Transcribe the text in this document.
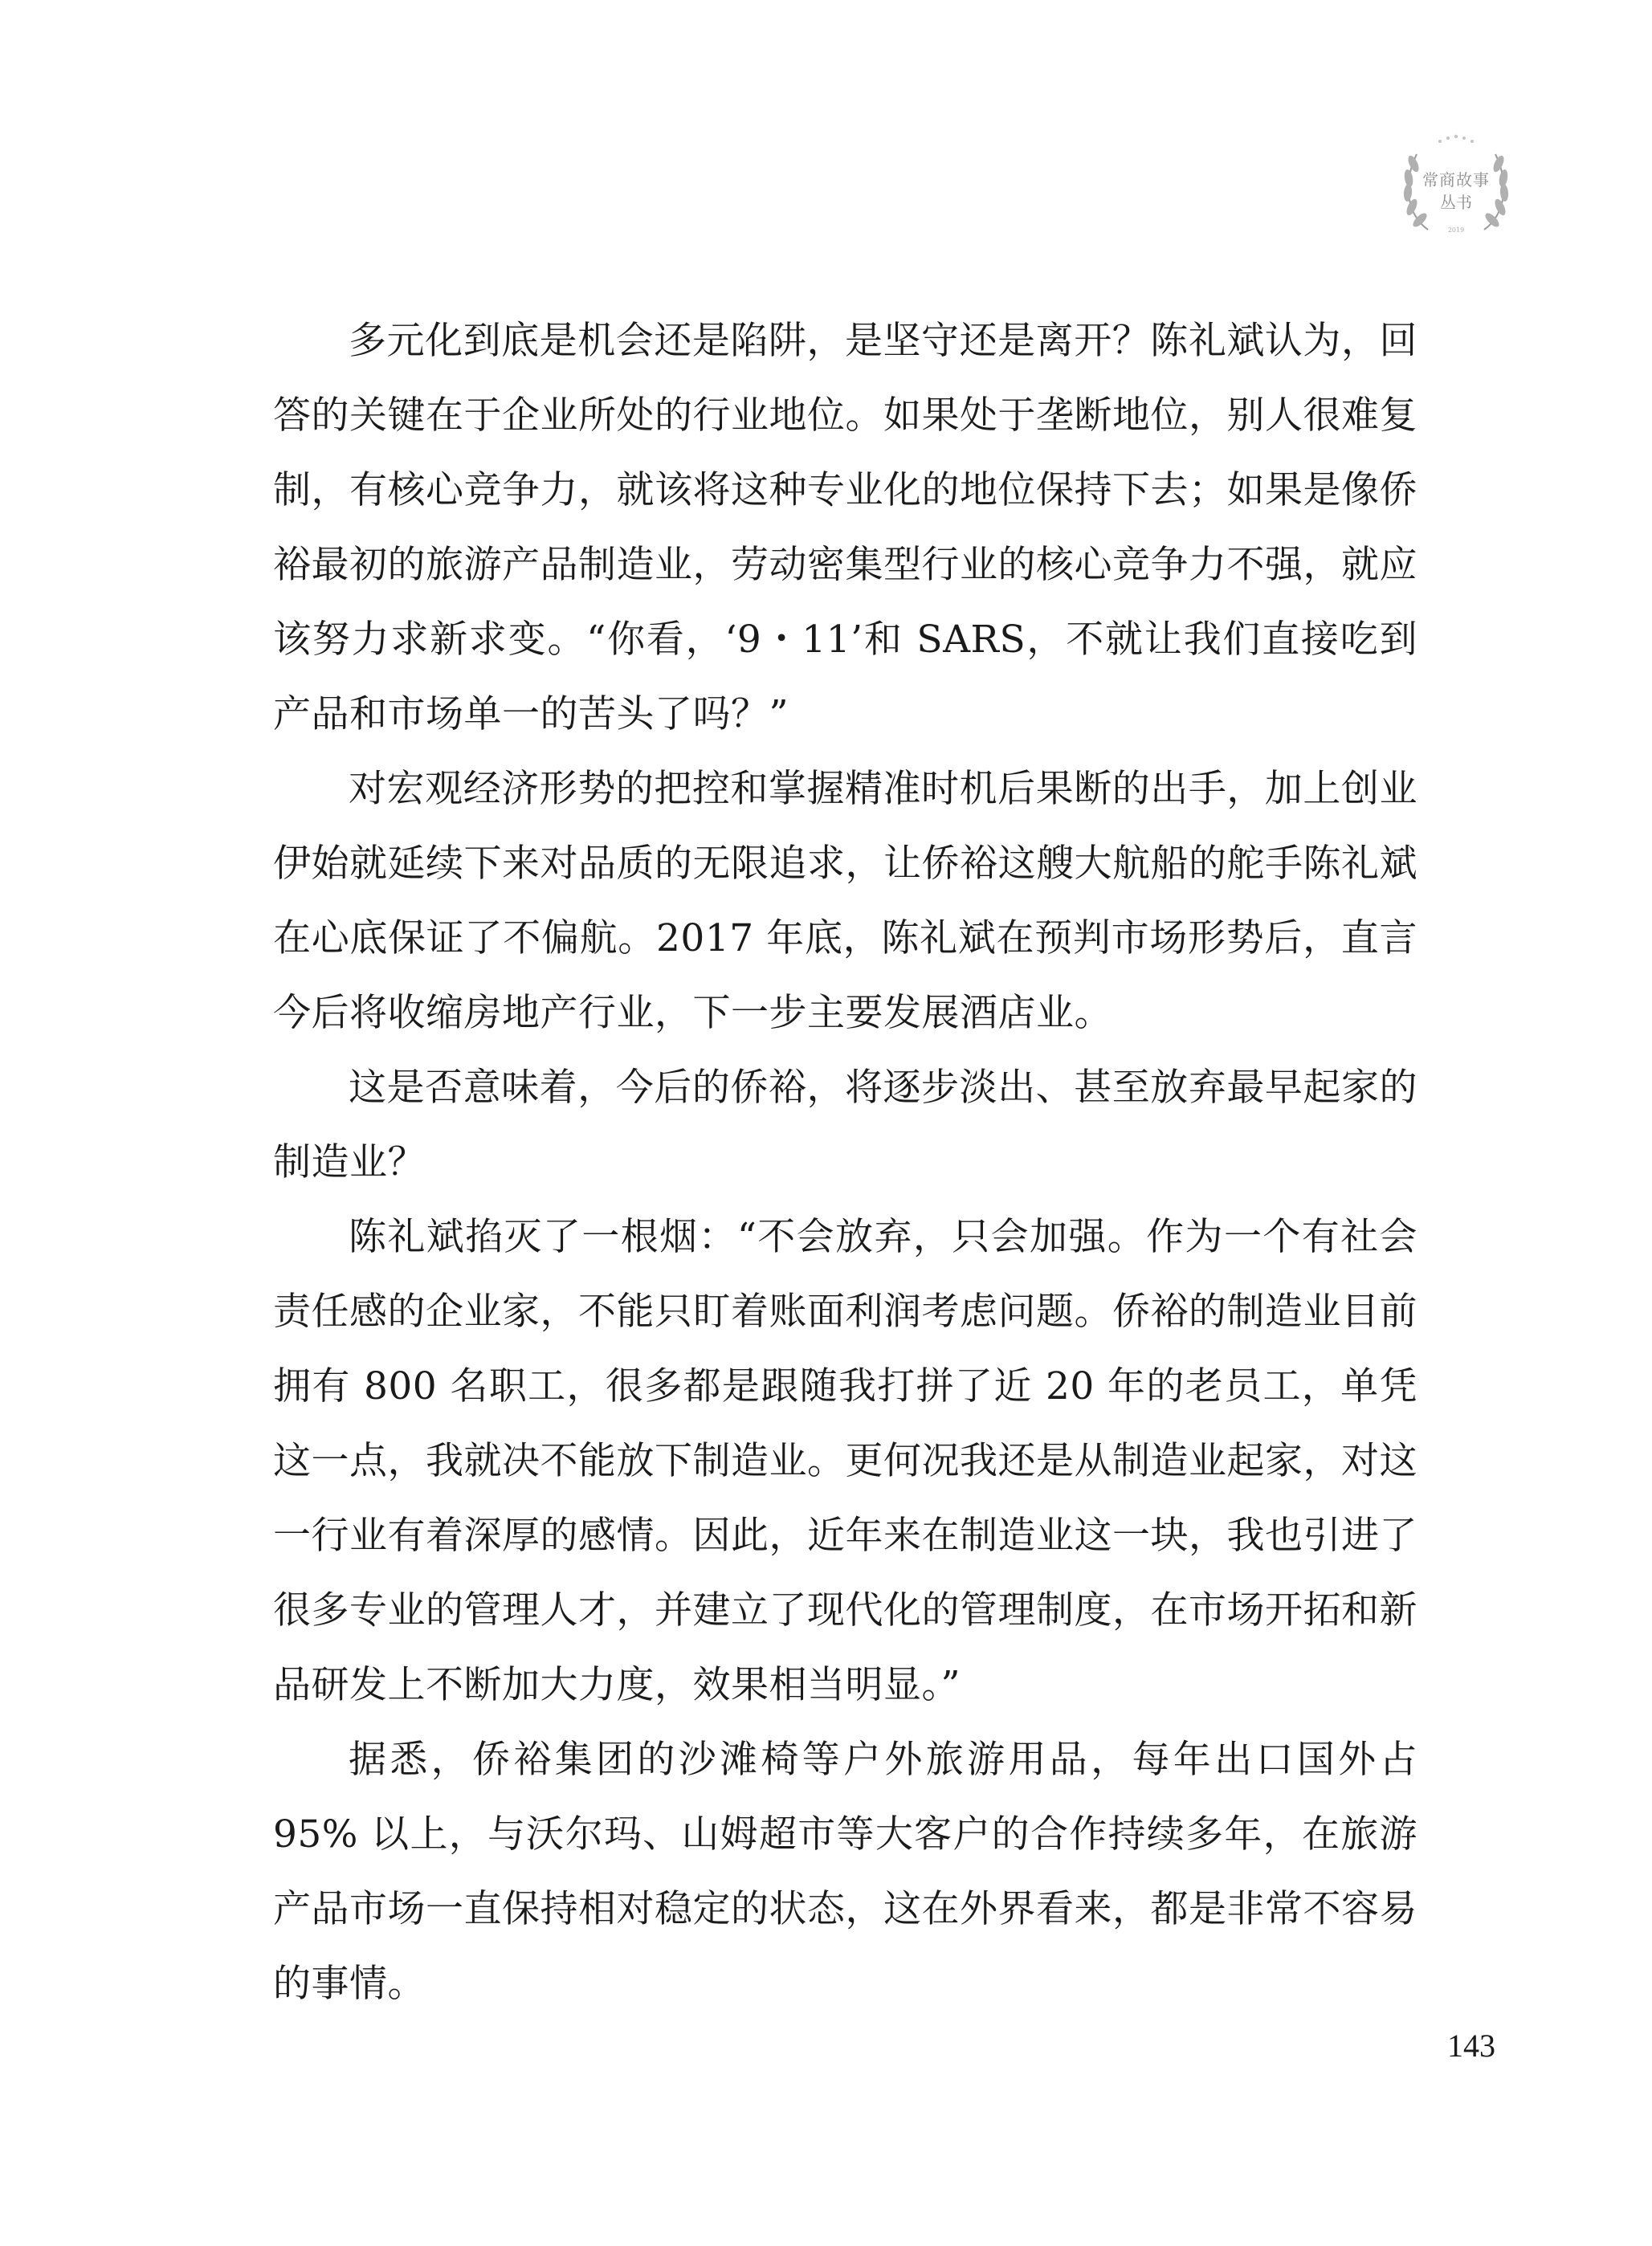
常商故事
丛书
2019

多元化到底是机会还是陷阱，是坚守还是离开？陈礼斌认为，回答的关键在于企业所处的行业地位。如果处于垄断地位，别人很难复制，有核心竞争力，就该将这种专业化的地位保持下去；如果是像侨裕最初的旅游产品制造业，劳动密集型行业的核心竞争力不强，就应该努力求新求变。“你看，‘9・11’和 SARS，不就让我们直接吃到产品和市场单一的苦头了吗？”

对宏观经济形势的把控和掌握精准时机后果断的出手，加上创业伊始就延续下来对品质的无限追求，让侨裕这艘大航船的舵手陈礼斌在心底保证了不偏航。2017 年底，陈礼斌在预判市场形势后，直言今后将收缩房地产行业，下一步主要发展酒店业。

这是否意味着，今后的侨裕，将逐步淡出、甚至放弃最早起家的制造业？

陈礼斌掐灭了一根烟：“不会放弃，只会加强。作为一个有社会责任感的企业家，不能只盯着账面利润考虑问题。侨裕的制造业目前拥有 800 名职工，很多都是跟随我打拼了近 20 年的老员工，单凭这一点，我就决不能放下制造业。更何况我还是从制造业起家，对这一行业有着深厚的感情。因此，近年来在制造业这一块，我也引进了很多专业的管理人才，并建立了现代化的管理制度，在市场开拓和新品研发上不断加大力度，效果相当明显。”

据悉，侨裕集团的沙滩椅等户外旅游用品，每年出口国外占 95% 以上，与沃尔玛、山姆超市等大客户的合作持续多年，在旅游产品市场一直保持相对稳定的状态，这在外界看来，都是非常不容易的事情。

143
